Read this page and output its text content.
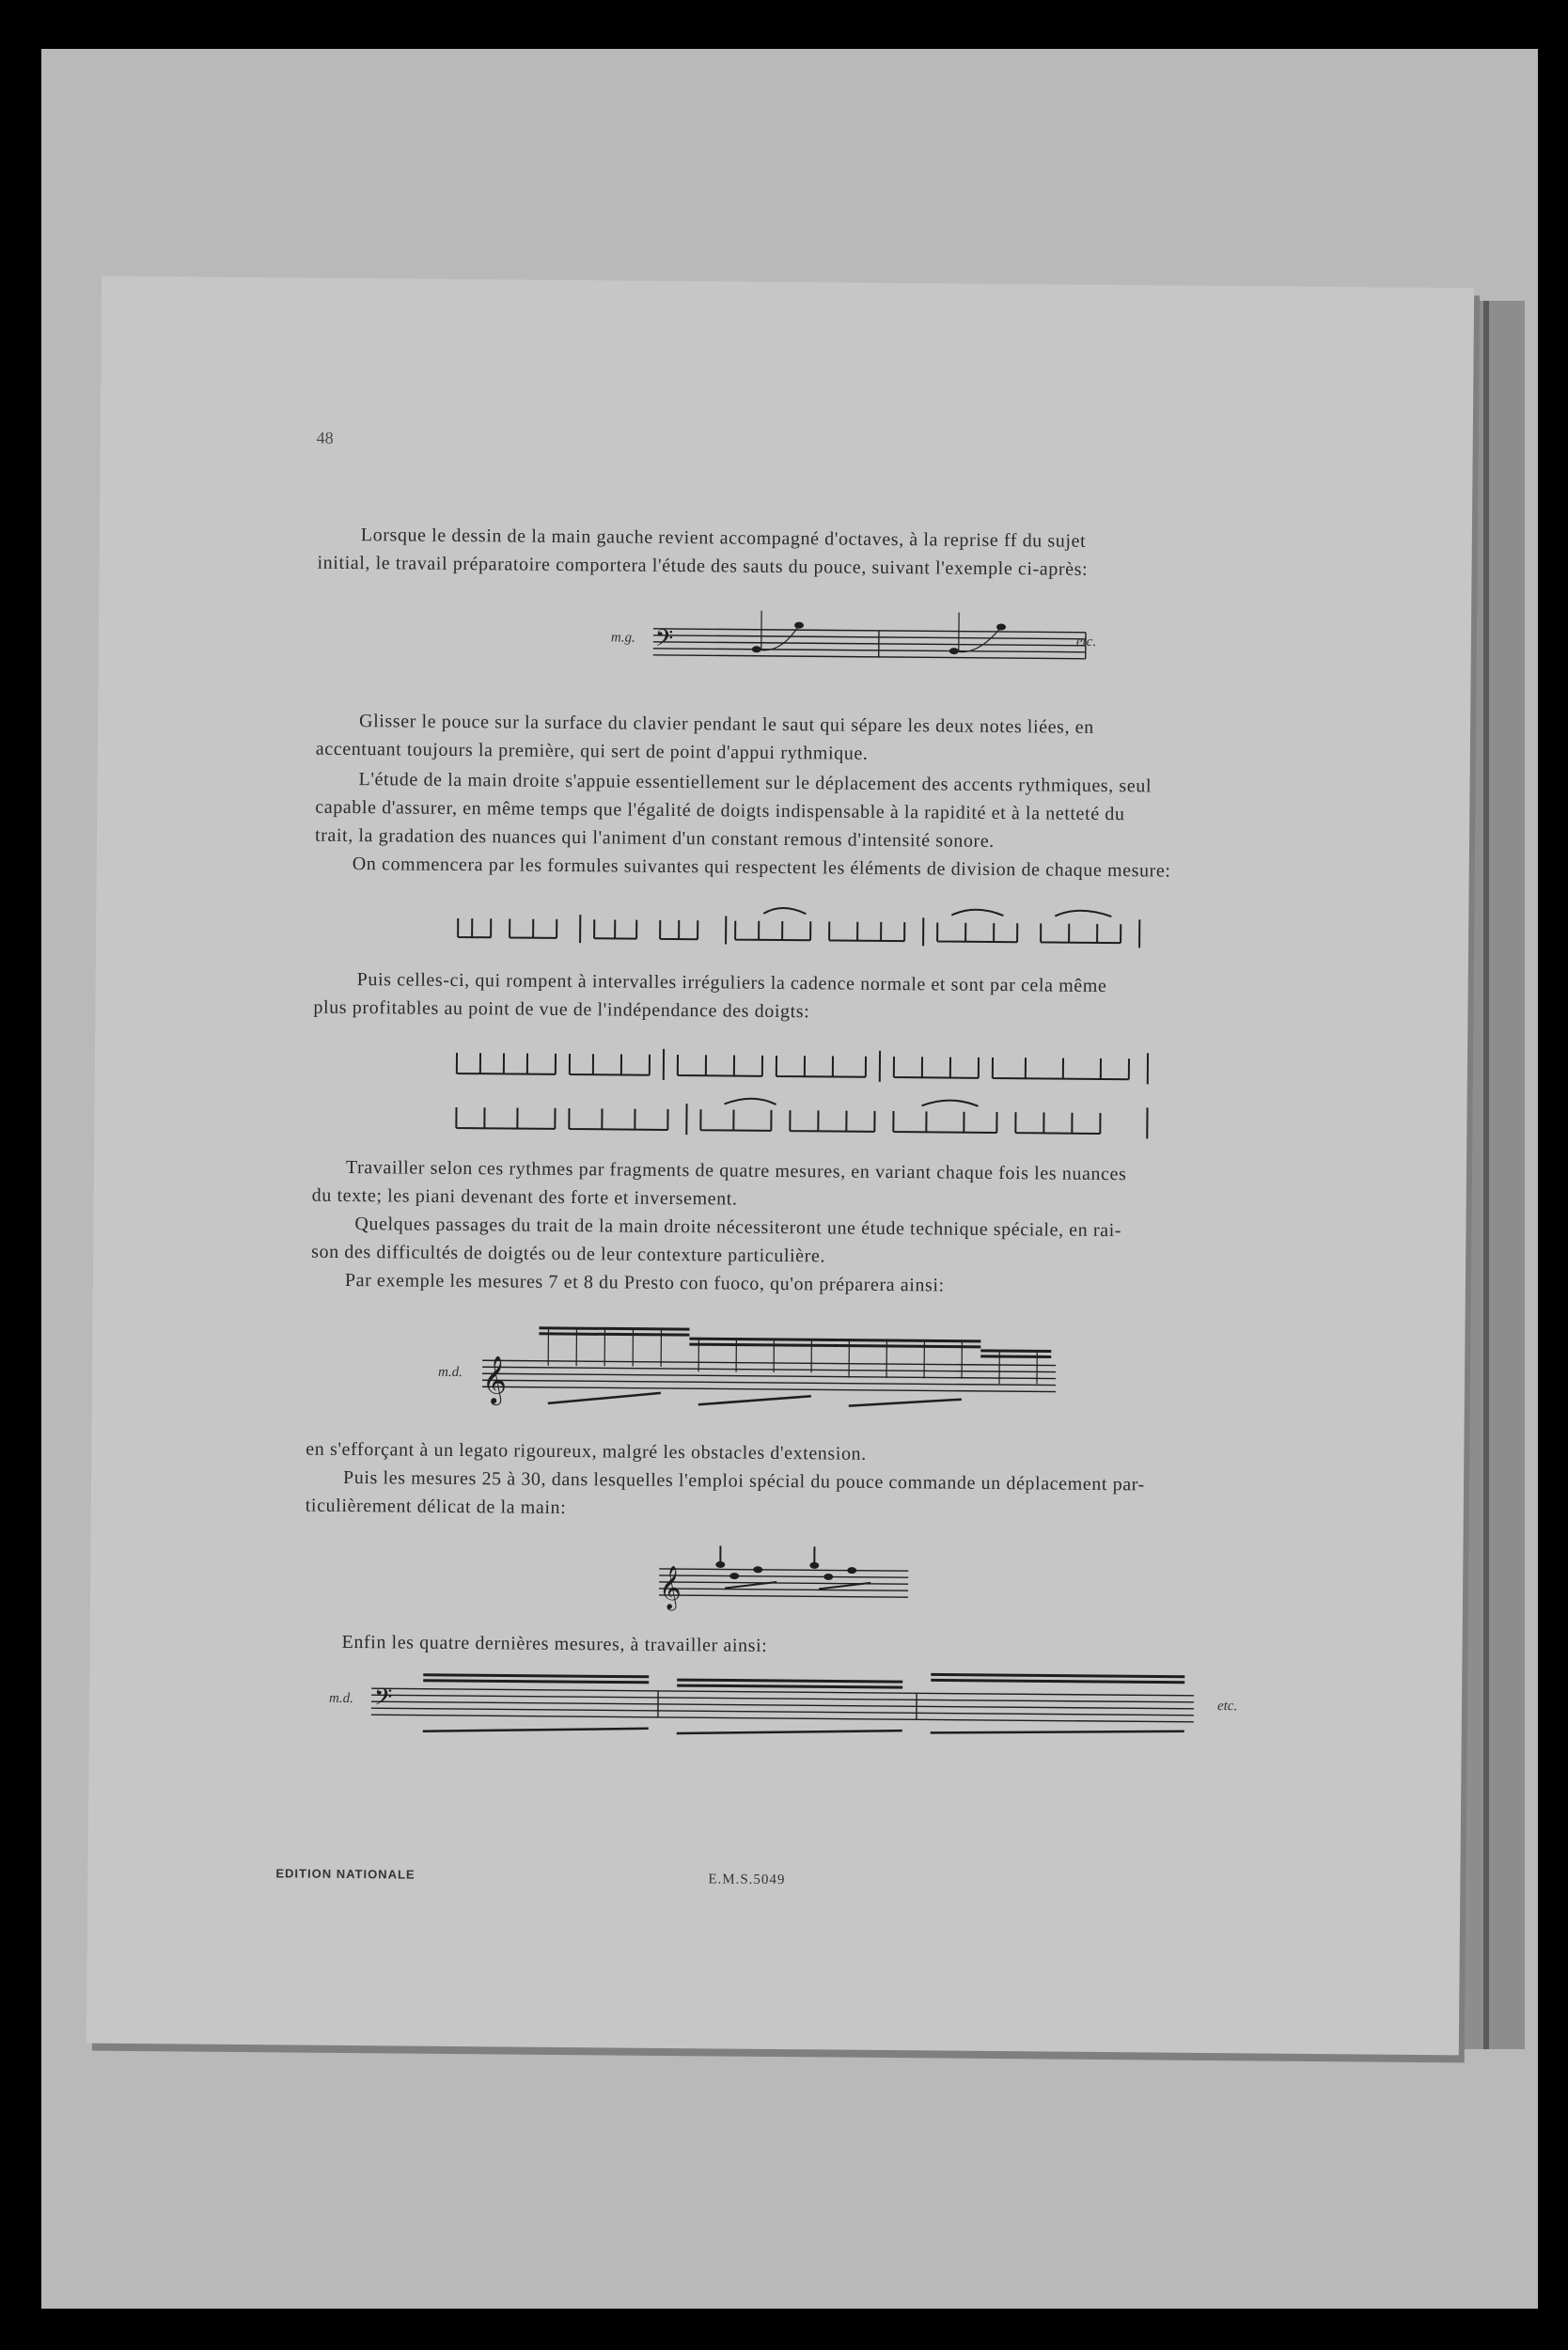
48
Lorsque le dessin de la main gauche revient accompagné d'octaves, à la reprise ff du sujet
initial, le travail préparatoire comportera l'étude des sauts du pouce, suivant l'exemple ci-après:
m.g. 𝄢	etc.
Glisser le pouce sur la surface du clavier pendant le saut qui sépare les deux notes liées, en
accentuant toujours la première, qui sert de point d'appui rythmique.
L'étude de la main droite s'appuie essentiellement sur le déplacement des accents rythmiques, seul
capable d'assurer, en même temps que l'égalité de doigts indispensable à la rapidité et à la netteté du
trait, la gradation des nuances qui l'animent d'un constant remous d'intensité sonore.
On commencera par les formules suivantes qui respectent les éléments de division de chaque mesure:
Puis celles-ci, qui rompent à intervalles irréguliers la cadence normale et sont par cela même
plus profitables au point de vue de l'indépendance des doigts:
Travailler selon ces rythmes par fragments de quatre mesures, en variant chaque fois les nuances
du texte; les piani devenant des forte et inversement.
Quelques passages du trait de la main droite nécessiteront une étude technique spéciale, en rai-
son des difficultés de doigtés ou de leur contexture particulière.
Par exemple les mesures 7 et 8 du Presto con fuoco, qu'on préparera ainsi:
m.d. 𝄞
en s'efforçant à un legato rigoureux, malgré les obstacles d'extension.
Puis les mesures 25 à 30, dans lesquelles l'emploi spécial du pouce commande un déplacement par-
ticulièrement délicat de la main:
𝄞
Enfin les quatre dernières mesures, à travailler ainsi:
m.d. 𝄢	etc.
EDITION NATIONALE	E.M.S.5049
